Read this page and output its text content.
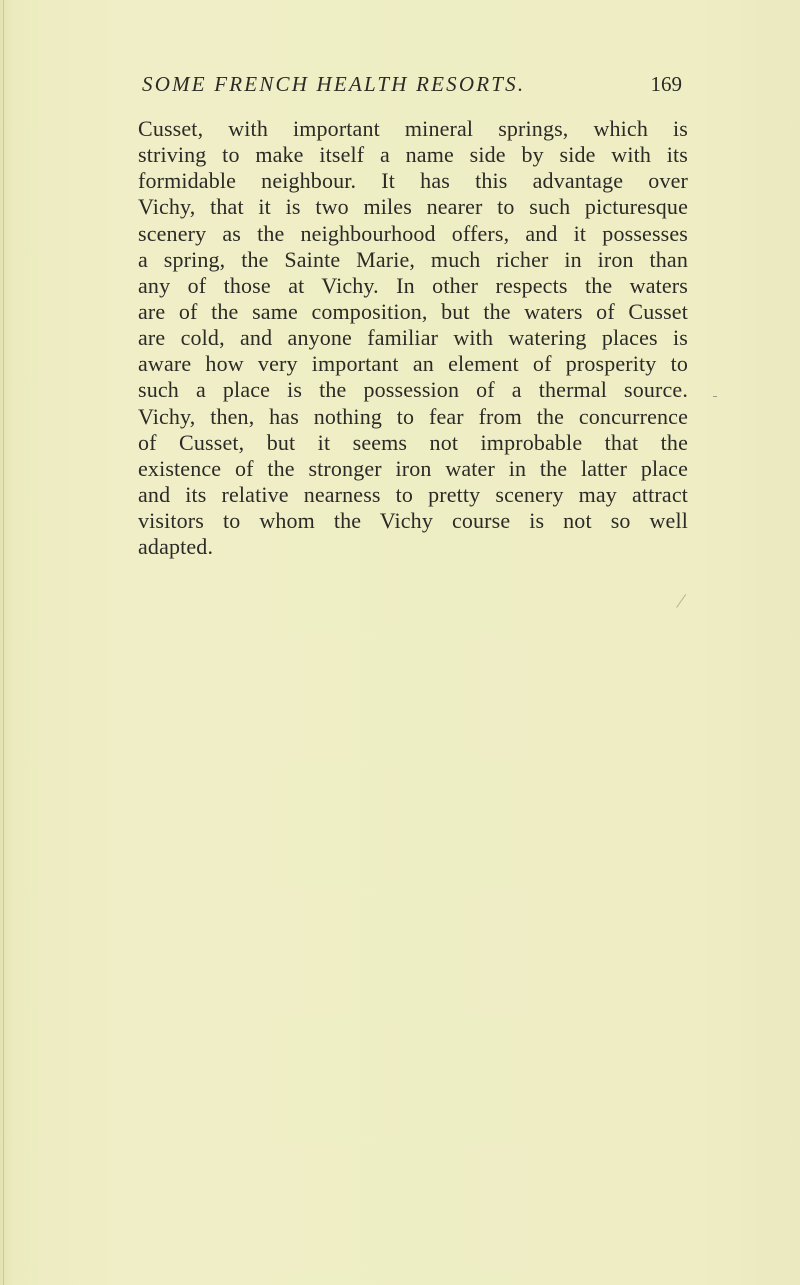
SOME FRENCH HEALTH RESORTS.	169
Cusset, with important mineral springs, which is
striving to make itself a name side by side with its
formidable neighbour. It has this advantage over
Vichy, that it is two miles nearer to such picturesque
scenery as the neighbourhood offers, and it possesses
a spring, the Sainte Marie, much richer in iron than
any of those at Vichy. In other respects the waters
are of the same composition, but the waters of Cusset
are cold, and anyone familiar with watering places is
aware how very important an element of prosperity to
such a place is the possession of a thermal source.
Vichy, then, has nothing to fear from the concurrence
of Cusset, but it seems not improbable that the
existence of the stronger iron water in the latter place
and its relative nearness to pretty scenery may attract
visitors to whom the Vichy course is not so well
adapted.
